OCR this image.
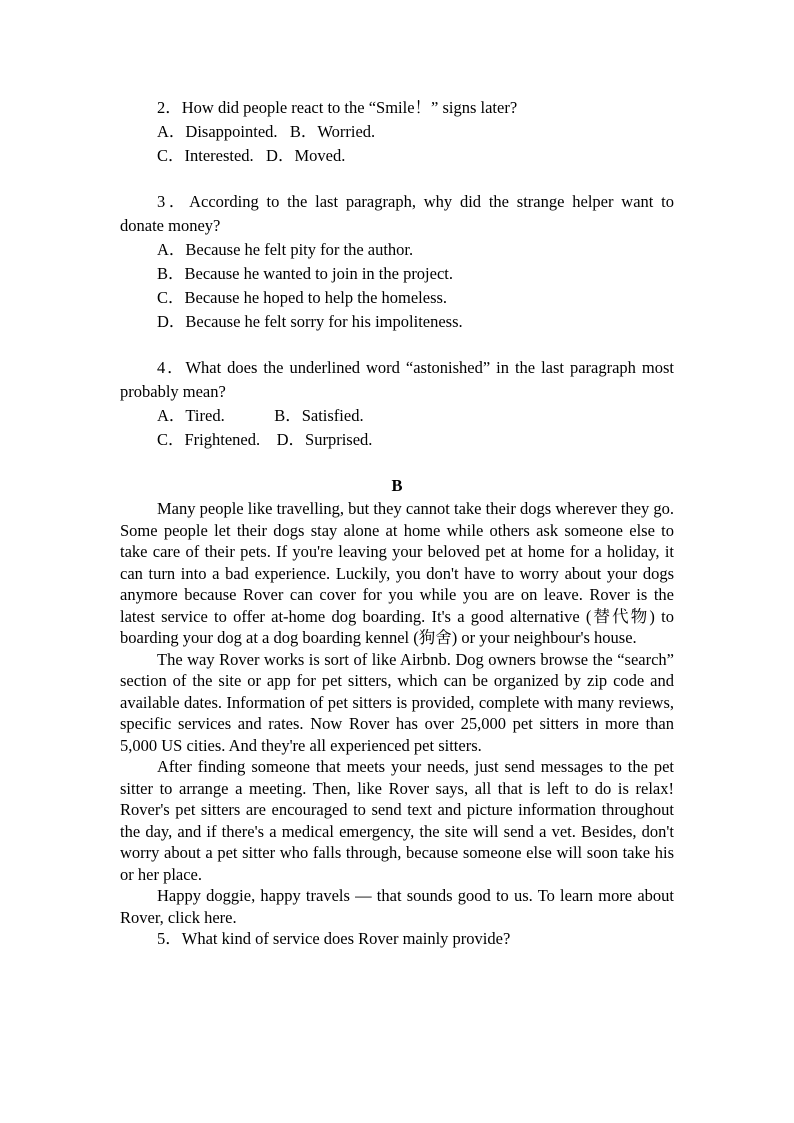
2．How did people react to the “Smile！” signs later?

A．Disappointed.   B．Worried.

C．Interested.   D．Moved.

3．According to the last paragraph, why did the strange helper want to donate money?

A．Because he felt pity for the author.

B．Because he wanted to join in the project.

C．Because he hoped to help the homeless.

D．Because he felt sorry for his impoliteness.

4．What does the underlined word “astonished” in the last paragraph most probably mean?

A．Tired.            B．Satisfied.

C．Frightened.    D．Surprised.

B

Many people like travelling, but they cannot take their dogs wherever they go. Some people let their dogs stay alone at home while others ask someone else to take care of their pets. If you're leaving your beloved pet at home for a holiday, it can turn into a bad experience. Luckily, you don't have to worry about your dogs anymore because Rover can cover for you while you are on leave. Rover is the latest service to offer at-home dog boarding. It's a good alternative (替代物) to boarding your dog at a dog boarding kennel (狗舍) or your neighbour's house.

The way Rover works is sort of like Airbnb. Dog owners browse the “search” section of the site or app for pet sitters, which can be organized by zip code and available dates. Information of pet sitters is provided, complete with many reviews, specific services and rates. Now Rover has over 25,000 pet sitters in more than 5,000 US cities. And they're all experienced pet sitters.

After finding someone that meets your needs, just send messages to the pet sitter to arrange a meeting. Then, like Rover says, all that is left to do is relax! Rover's pet sitters are encouraged to send text and picture information throughout the day, and if there's a medical emergency, the site will send a vet. Besides, don't worry about a pet sitter who falls through, because someone else will soon take his or her place.

Happy doggie, happy travels — that sounds good to us. To learn more about Rover, click here.

5．What kind of service does Rover mainly provide?
